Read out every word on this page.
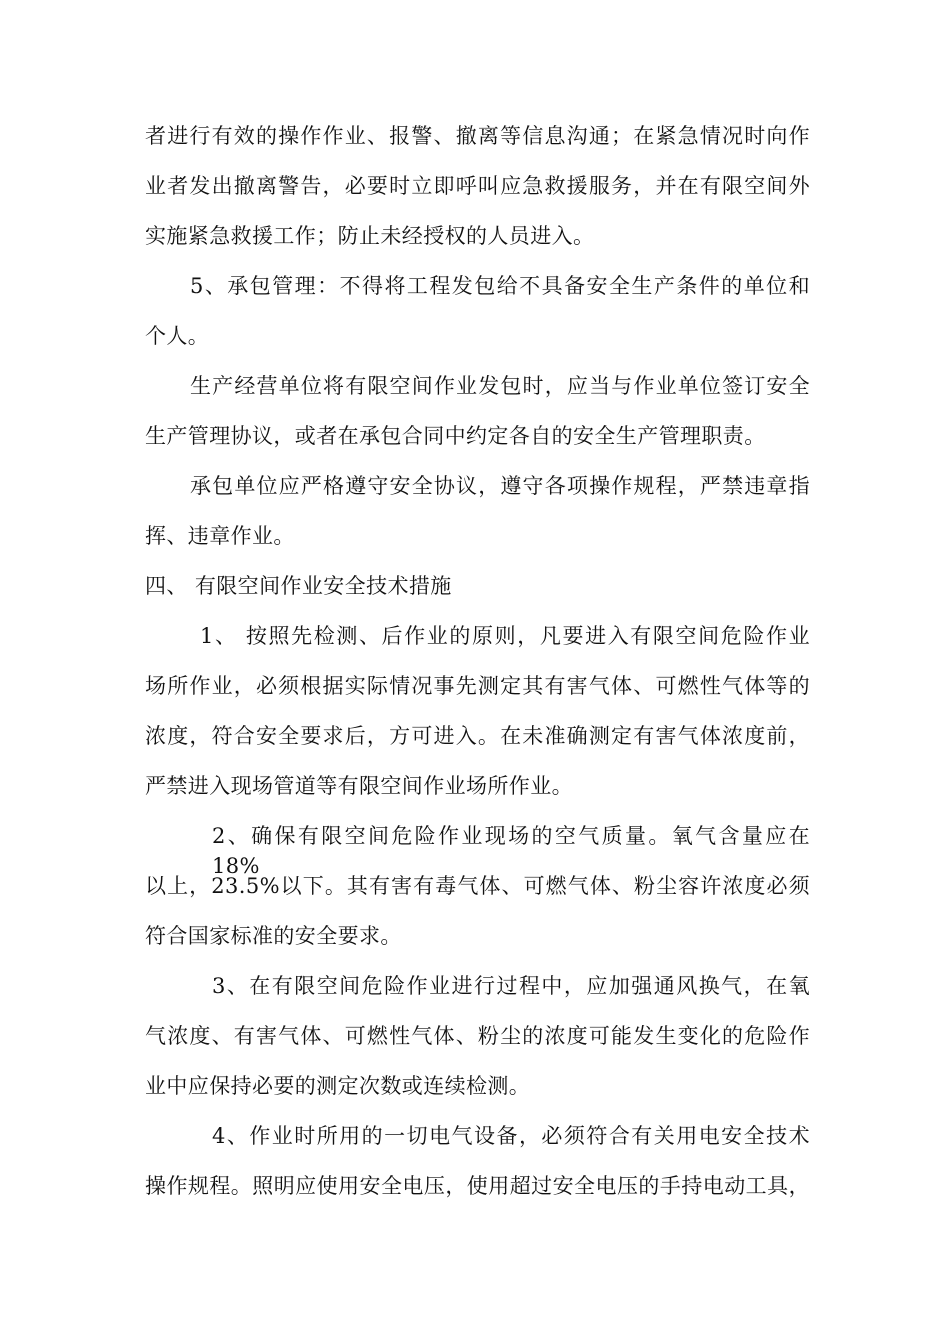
者进行有效的操作作业、报警、撤离等信息沟通；在紧急情况时向作
业者发出撤离警告，必要时立即呼叫应急救援服务，并在有限空间外
实施紧急救援工作；防止未经授权的人员进入。
5、承包管理：不得将工程发包给不具备安全生产条件的单位和
个人。
生产经营单位将有限空间作业发包时，应当与作业单位签订安全
生产管理协议，或者在承包合同中约定各自的安全生产管理职责。
承包单位应严格遵守安全协议，遵守各项操作规程，严禁违章指
挥、违章作业。
四、 有限空间作业安全技术措施
1、 按照先检测、后作业的原则，凡要进入有限空间危险作业
场所作业，必须根据实际情况事先测定其有害气体、可燃性气体等的
浓度，符合安全要求后，方可进入。在未准确测定有害气体浓度前，
严禁进入现场管道等有限空间作业场所作业。
2、确保有限空间危险作业现场的空气质量。氧气含量应在 18%
以上，23.5%以下。其有害有毒气体、可燃气体、粉尘容许浓度必须
符合国家标准的安全要求。
3、在有限空间危险作业进行过程中，应加强通风换气，在氧
气浓度、有害气体、可燃性气体、粉尘的浓度可能发生变化的危险作
业中应保持必要的测定次数或连续检测。
4、作业时所用的一切电气设备，必须符合有关用电安全技术
操作规程。照明应使用安全电压，使用超过安全电压的手持电动工具，
